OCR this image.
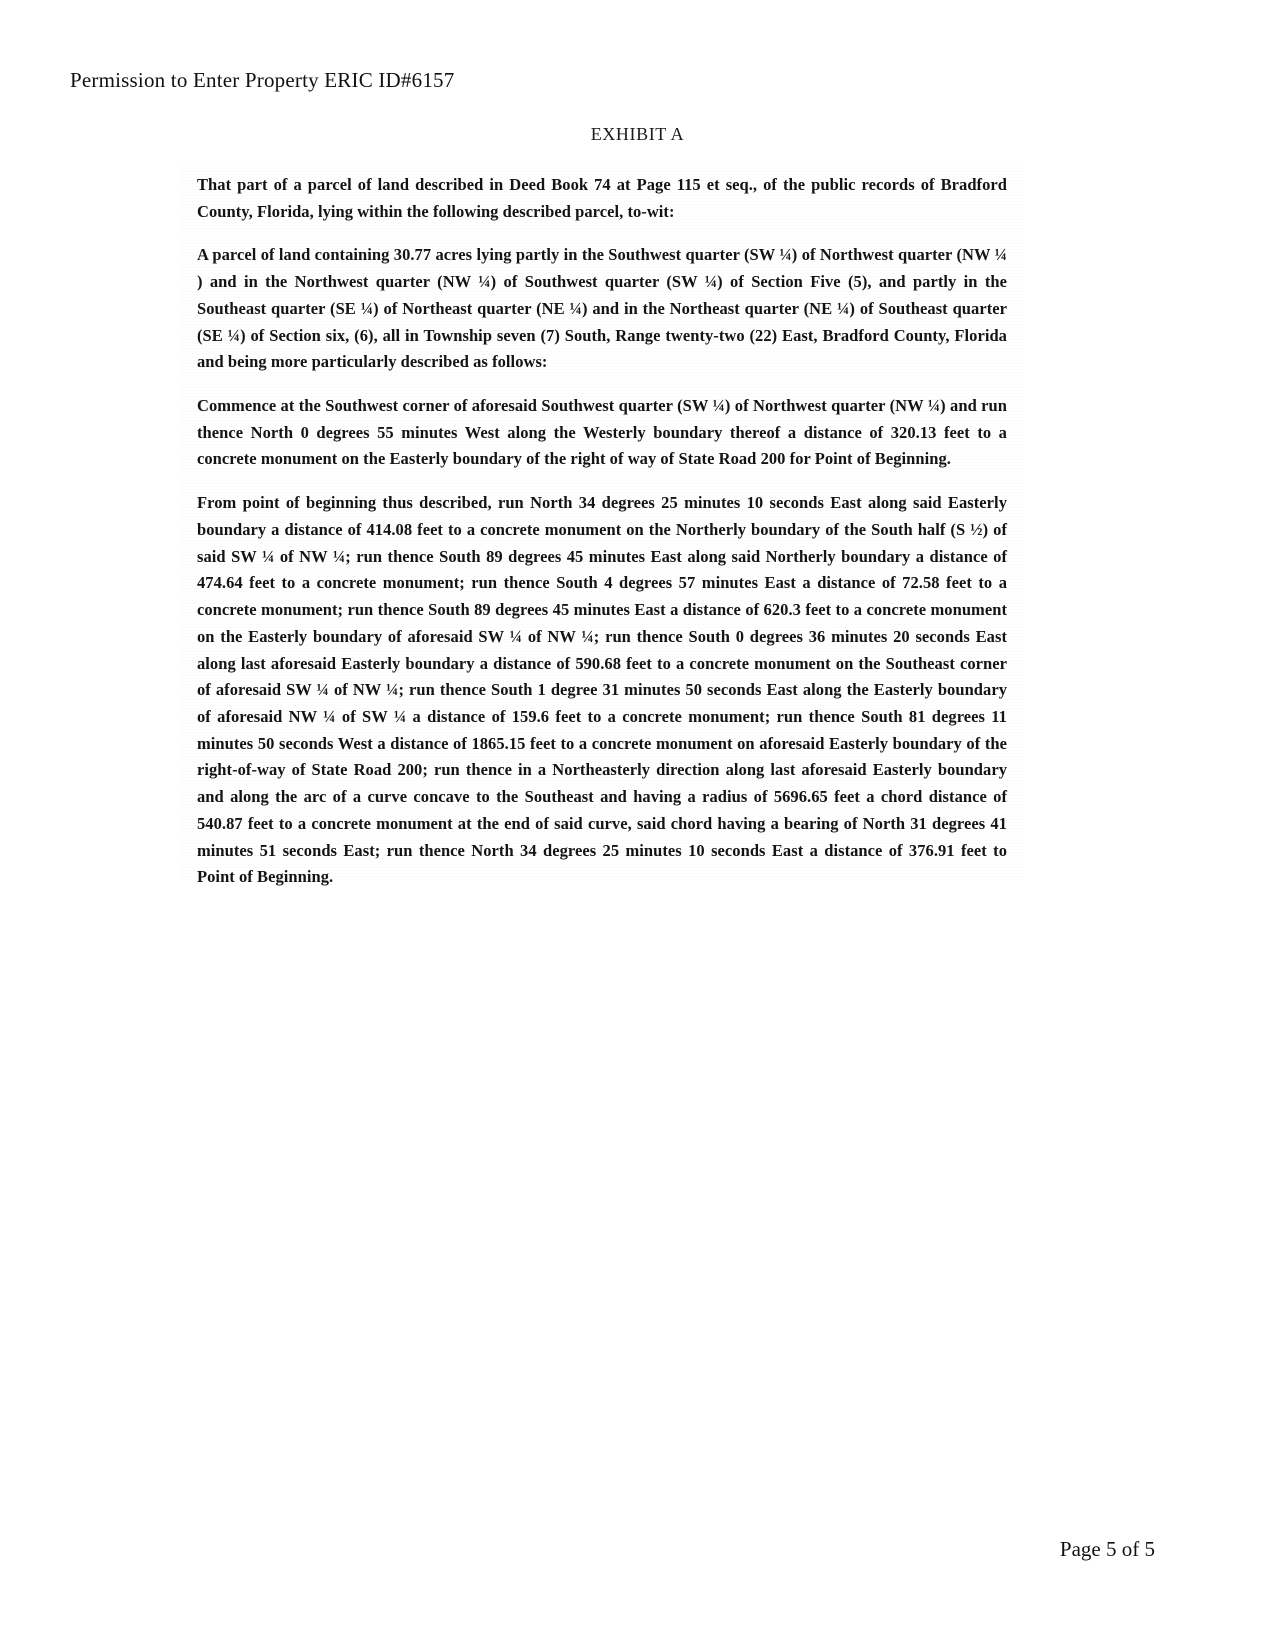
Permission to Enter Property ERIC ID#6157
EXHIBIT A

That part of a parcel of land described in Deed Book 74 at Page 115 et seq., of the public records of Bradford County, Florida, lying within the following described parcel, to-wit:

A parcel of land containing 30.77 acres lying partly in the Southwest quarter (SW ¼) of Northwest quarter (NW ¼ ) and in the Northwest quarter (NW ¼) of Southwest quarter (SW ¼) of Section Five (5), and partly in the Southeast quarter (SE ¼) of Northeast quarter (NE ¼) and in the Northeast quarter (NE ¼) of Southeast quarter (SE ¼) of Section six, (6), all in Township seven (7) South, Range twenty-two (22) East, Bradford County, Florida and being more particularly described as follows:

Commence at the Southwest corner of aforesaid Southwest quarter (SW ¼) of Northwest quarter (NW ¼) and run thence North 0 degrees 55 minutes West along the Westerly boundary thereof a distance of 320.13 feet to a concrete monument on the Easterly boundary of the right of way of State Road 200 for Point of Beginning.

From point of beginning thus described, run North 34 degrees 25 minutes 10 seconds East along said Easterly boundary a distance of 414.08 feet to a concrete monument on the Northerly boundary of the South half (S ½) of said SW ¼ of NW ¼; run thence South 89 degrees 45 minutes East along said Northerly boundary a distance of 474.64 feet to a concrete monument; run thence South 4 degrees 57 minutes East a distance of 72.58 feet to a concrete monument; run thence South 89 degrees 45 minutes East a distance of 620.3 feet to a concrete monument on the Easterly boundary of aforesaid SW ¼ of NW ¼; run thence South 0 degrees 36 minutes 20 seconds East along last aforesaid Easterly boundary a distance of 590.68 feet to a concrete monument on the Southeast corner of aforesaid SW ¼ of NW ¼; run thence South 1 degree 31 minutes 50 seconds East along the Easterly boundary of aforesaid NW ¼ of SW ¼ a distance of 159.6 feet to a concrete monument; run thence South 81 degrees 11 minutes 50 seconds West a distance of 1865.15 feet to a concrete monument on aforesaid Easterly boundary of the right-of-way of State Road 200; run thence in a Northeasterly direction along last aforesaid Easterly boundary and along the arc of a curve concave to the Southeast and having a radius of 5696.65 feet a chord distance of 540.87 feet to a concrete monument at the end of said curve, said chord having a bearing of North 31 degrees 41 minutes 51 seconds East; run thence North 34 degrees 25 minutes 10 seconds East a distance of 376.91 feet to Point of Beginning.

Page 5 of 5
